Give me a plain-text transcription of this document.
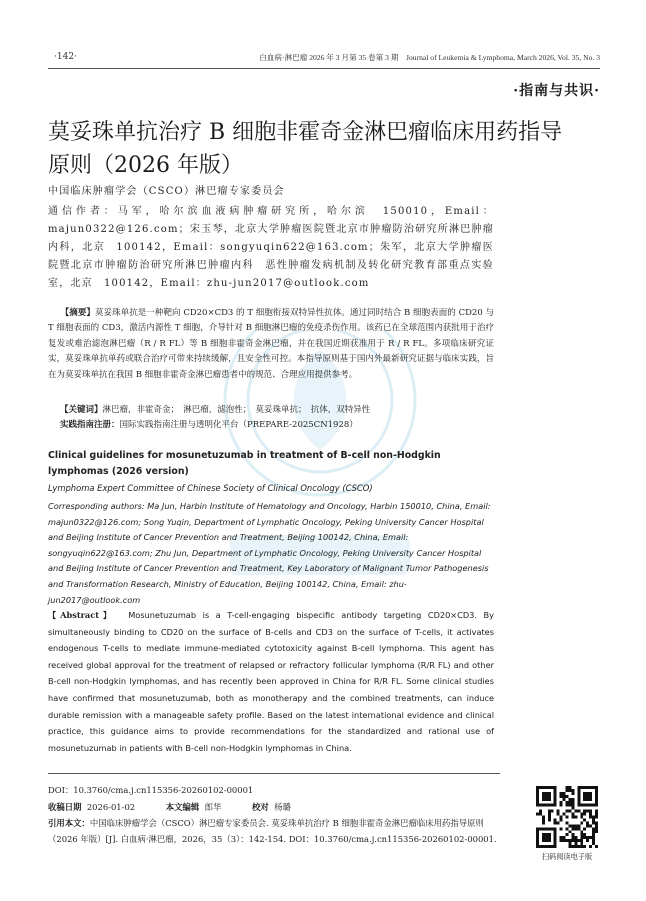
·142·	白血病·淋巴瘤 2026 年 3 月第 35 卷第 3 期　Journal of Leukemia & Lymphoma, March 2026, Vol. 35, No. 3
·指南与共识·
莫妥珠单抗治疗 B 细胞非霍奇金淋巴瘤临床用药指导原则（2026 年版）
中国临床肿瘤学会（CSCO）淋巴瘤专家委员会
通信作者：马军，哈尔滨血液病肿瘤研究所，哈尔滨　150010，Email：majun0322@126.com；宋玉琴，北京大学肿瘤医院暨北京市肿瘤防治研究所淋巴肿瘤内科，北京　100142，Email：songyuqin622@163.com；朱军，北京大学肿瘤医院暨北京市肿瘤防治研究所淋巴肿瘤内科　恶性肿瘤发病机制及转化研究教育部重点实验室，北京　100142，Email：zhu-jun2017@outlook.com

【摘要】莫妥珠单抗是一种靶向 CD20×CD3 的 T 细胞衔接双特异性抗体。通过同时结合 B 细胞表面的 CD20 与 T 细胞表面的 CD3，激活内源性 T 细胞，介导针对 B 细胞淋巴瘤的免疫杀伤作用。该药已在全球范围内获批用于治疗复发或难治滤泡淋巴瘤（R / R FL）等 B 细胞非霍奇金淋巴瘤，并在我国近期获准用于 R / R FL。多项临床研究证实，莫妥珠单抗单药或联合治疗可带来持续缓解，且安全性可控。本指导原则基于国内外最新研究证据与临床实践，旨在为莫妥珠单抗在我国 B 细胞非霍奇金淋巴瘤患者中的规范、合理应用提供参考。

【关键词】淋巴瘤，非霍奇金；　淋巴瘤，滤泡性；　莫妥珠单抗；　抗体，双特异性
实践指南注册：国际实践指南注册与透明化平台（PREPARE-2025CN1928）
Clinical guidelines for mosunetuzumab in treatment of B-cell non-Hodgkin lymphomas (2026 version)
Lymphoma Expert Committee of Chinese Society of Clinical Oncology (CSCO)
Corresponding authors: Ma Jun, Harbin Institute of Hematology and Oncology, Harbin 150010, China, Email: majun0322@126.com; Song Yuqin, Department of Lymphatic Oncology, Peking University Cancer Hospital and Beijing Institute of Cancer Prevention and Treatment, Beijing 100142, China, Email: songyuqin622@163.com; Zhu Jun, Department of Lymphatic Oncology, Peking University Cancer Hospital and Beijing Institute of Cancer Prevention and Treatment, Key Laboratory of Malignant Tumor Pathogenesis and Transformation Research, Ministry of Education, Beijing 100142, China, Email: zhu-jun2017@outlook.com
【Abstract】 Mosunetuzumab is a T-cell-engaging bispecific antibody targeting CD20×CD3. By simultaneously binding to CD20 on the surface of B-cells and CD3 on the surface of T-cells, it activates endogenous T-cells to mediate immune-mediated cytotoxicity against B-cell lymphoma. This agent has received global approval for the treatment of relapsed or refractory follicular lymphoma (R/R FL) and other B-cell non-Hodgkin lymphomas, and has recently been approved in China for R/R FL. Some clinical studies have confirmed that mosunetuzumab, both as monotherapy and the combined treatments, can induce durable remission with a manageable safety profile. Based on the latest international evidence and clinical practice, this guidance aims to provide recommendations for the standardized and rational use of mosunetuzumab in patients with B-cell non-Hodgkin lymphomas in China.
DOI：10.3760/cma.j.cn115356-20260102-00001
收稿日期 2026-01-02	本文编辑 郎华	校对 杨璐
引用本文：中国临床肿瘤学会（CSCO）淋巴瘤专家委员会. 莫妥珠单抗治疗 B 细胞非霍奇金淋巴瘤临床用药指导原则（2026 年版）[J]. 白血病·淋巴瘤，2026，35（3）：142-154. DOI：10.3760/cma.j.cn115356-20260102-00001.
扫码阅读电子版
